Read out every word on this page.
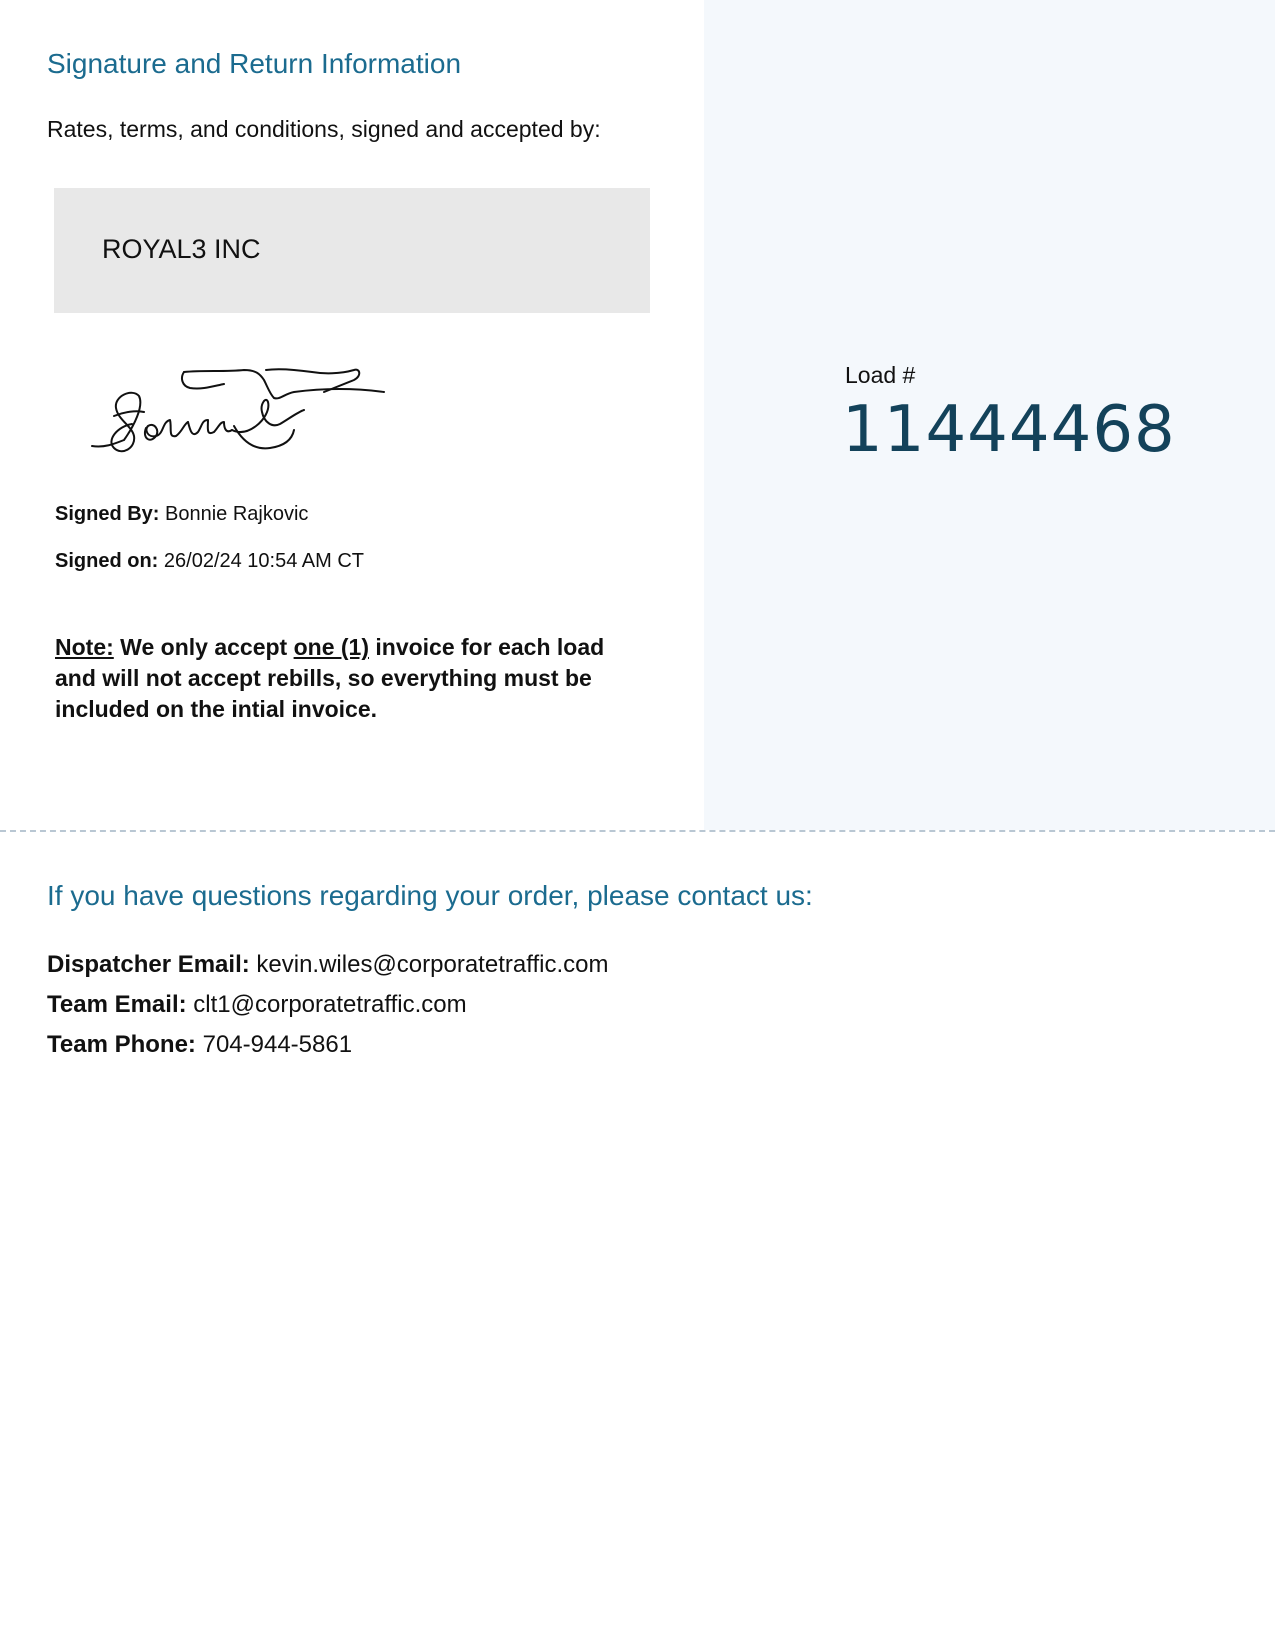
Signature and Return Information

Rates, terms, and conditions, signed and accepted by:

ROYAL3 INC
Signed By: Bonnie Rajkovic
Signed on: 26/02/24 10:54 AM CT

Note: We only accept one (1) invoice for each load and will not accept rebills, so everything must be included on the intial invoice.

Load #
11444468
If you have questions regarding your order, please contact us:
Dispatcher Email: kevin.wiles@corporatetraffic.com
Team Email: clt1@corporatetraffic.com
Team Phone: 704-944-5861
